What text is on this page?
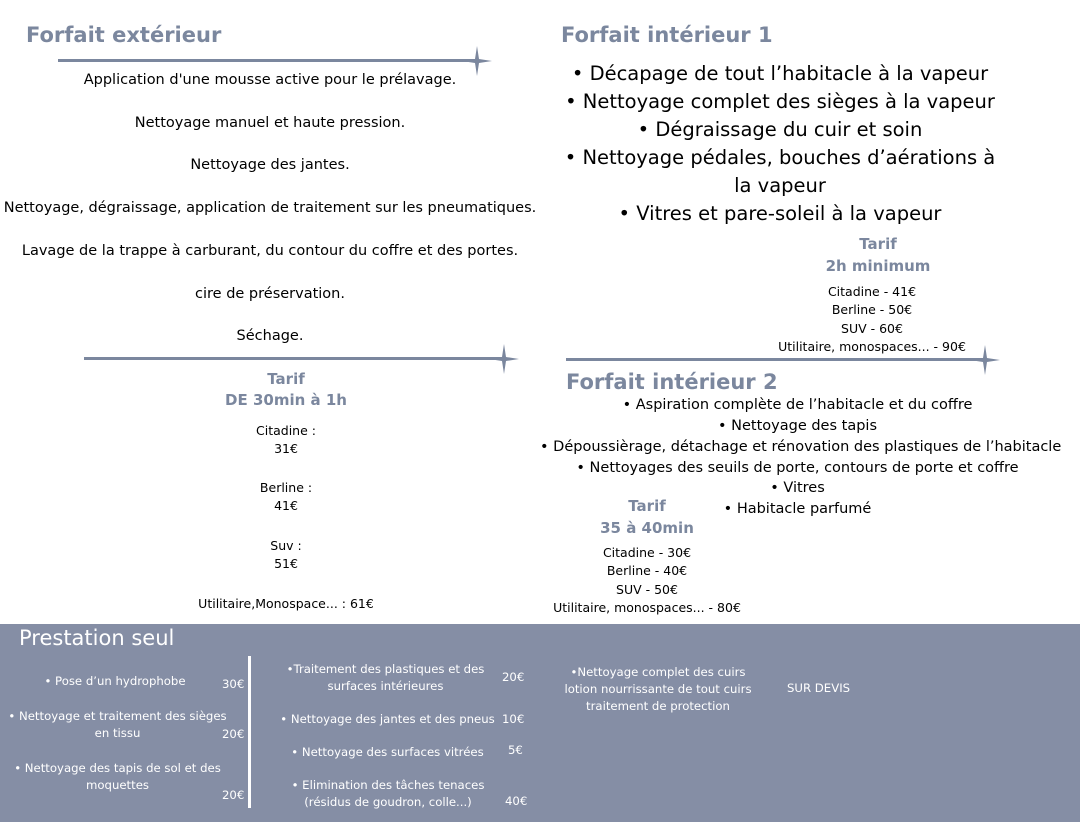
Forfait extérieur
Application d'une mousse active pour le prélavage.
Nettoyage manuel et haute pression.
Nettoyage des jantes.
Nettoyage, dégraissage, application de traitement sur les pneumatiques.
Lavage de la trappe à carburant, du contour du coffre et des portes.
cire de préservation.
Séchage.
Tarif
DE 30min à 1h
Citadine :
31€
Berline :
41€
Suv :
51€
Utilitaire,Monospace... : 61€
Forfait intérieur 1
• Décapage de tout l’habitacle à la vapeur
• Nettoyage complet des sièges à la vapeur
• Dégraissage du cuir et soin
• Nettoyage pédales, bouches d’aérations à la vapeur
• Vitres et pare-soleil à la vapeur
Tarif
2h minimum
Citadine - 41€
Berline - 50€
SUV - 60€
Utilitaire, monospaces... - 90€
Forfait intérieur 2
• Aspiration complète de l’habitacle et du coffre
• Nettoyage des tapis
• Dépoussièrage, détachage et rénovation des plastiques de l’habitacle
• Nettoyages des seuils de porte, contours de porte et coffre
• Vitres
• Habitacle parfumé
Tarif
35 à 40min
Citadine - 30€
Berline - 40€
SUV - 50€
Utilitaire, monospaces... - 80€
Prestation seul
• Pose d’un hydrophobe	30€
• Nettoyage et traitement des sièges en tissu	20€
• Nettoyage des tapis de sol et des moquettes
20€
•Traitement des plastiques et des surfaces intérieures
20€
• Nettoyage des jantes et des pneus 10€
• Nettoyage des surfaces vitrées	5€
• Elimination des tâches tenaces (résidus de goudron, colle...)	40€
•Nettoyage complet des cuirs
lotion nourrissante de tout cuirs
traitement de protection
SUR DEVIS
